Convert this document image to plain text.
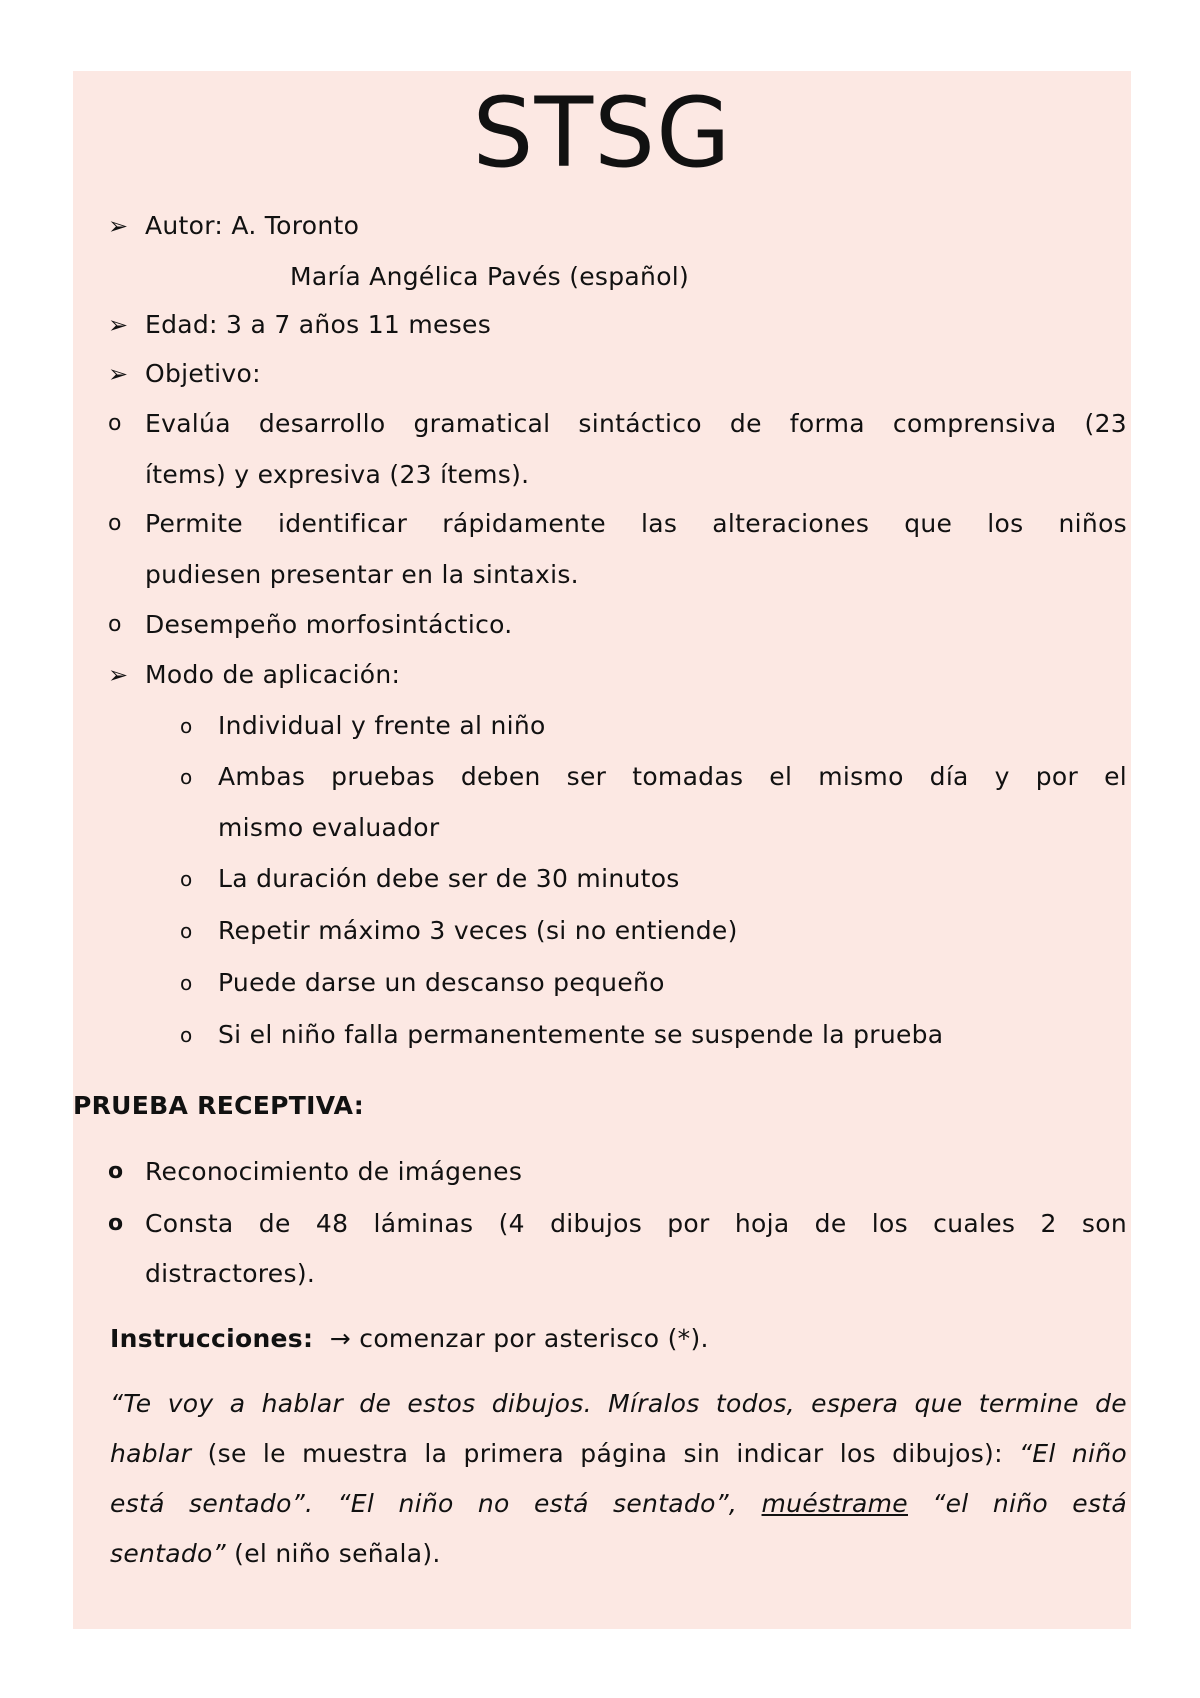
STSG
➢ Autor: A. Toronto
María Angélica Pavés (español)
➢ Edad: 3 a 7 años 11 meses
➢ Objetivo:
o Evalúa desarrollo gramatical sintáctico de forma comprensiva (23
ítems) y expresiva (23 ítems).
o Permite identificar rápidamente las alteraciones que los niños
pudiesen presentar en la sintaxis.
o Desempeño morfosintáctico.
➢ Modo de aplicación:
o Individual y frente al niño
o Ambas pruebas deben ser tomadas el mismo día y por el
mismo evaluador
o La duración debe ser de 30 minutos
o Repetir máximo 3 veces (si no entiende)
o Puede darse un descanso pequeño
o Si el niño falla permanentemente se suspende la prueba
PRUEBA RECEPTIVA:
o Reconocimiento de imágenes
o Consta de 48 láminas (4 dibujos por hoja de los cuales 2 son
distractores).
Instrucciones: → comenzar por asterisco (*).
“Te voy a hablar de estos dibujos. Míralos todos, espera que termine de
hablar (se le muestra la primera página sin indicar los dibujos): “El niño
está sentado”. “El niño no está sentado”, muéstrame “el niño está
sentado” (el niño señala).
